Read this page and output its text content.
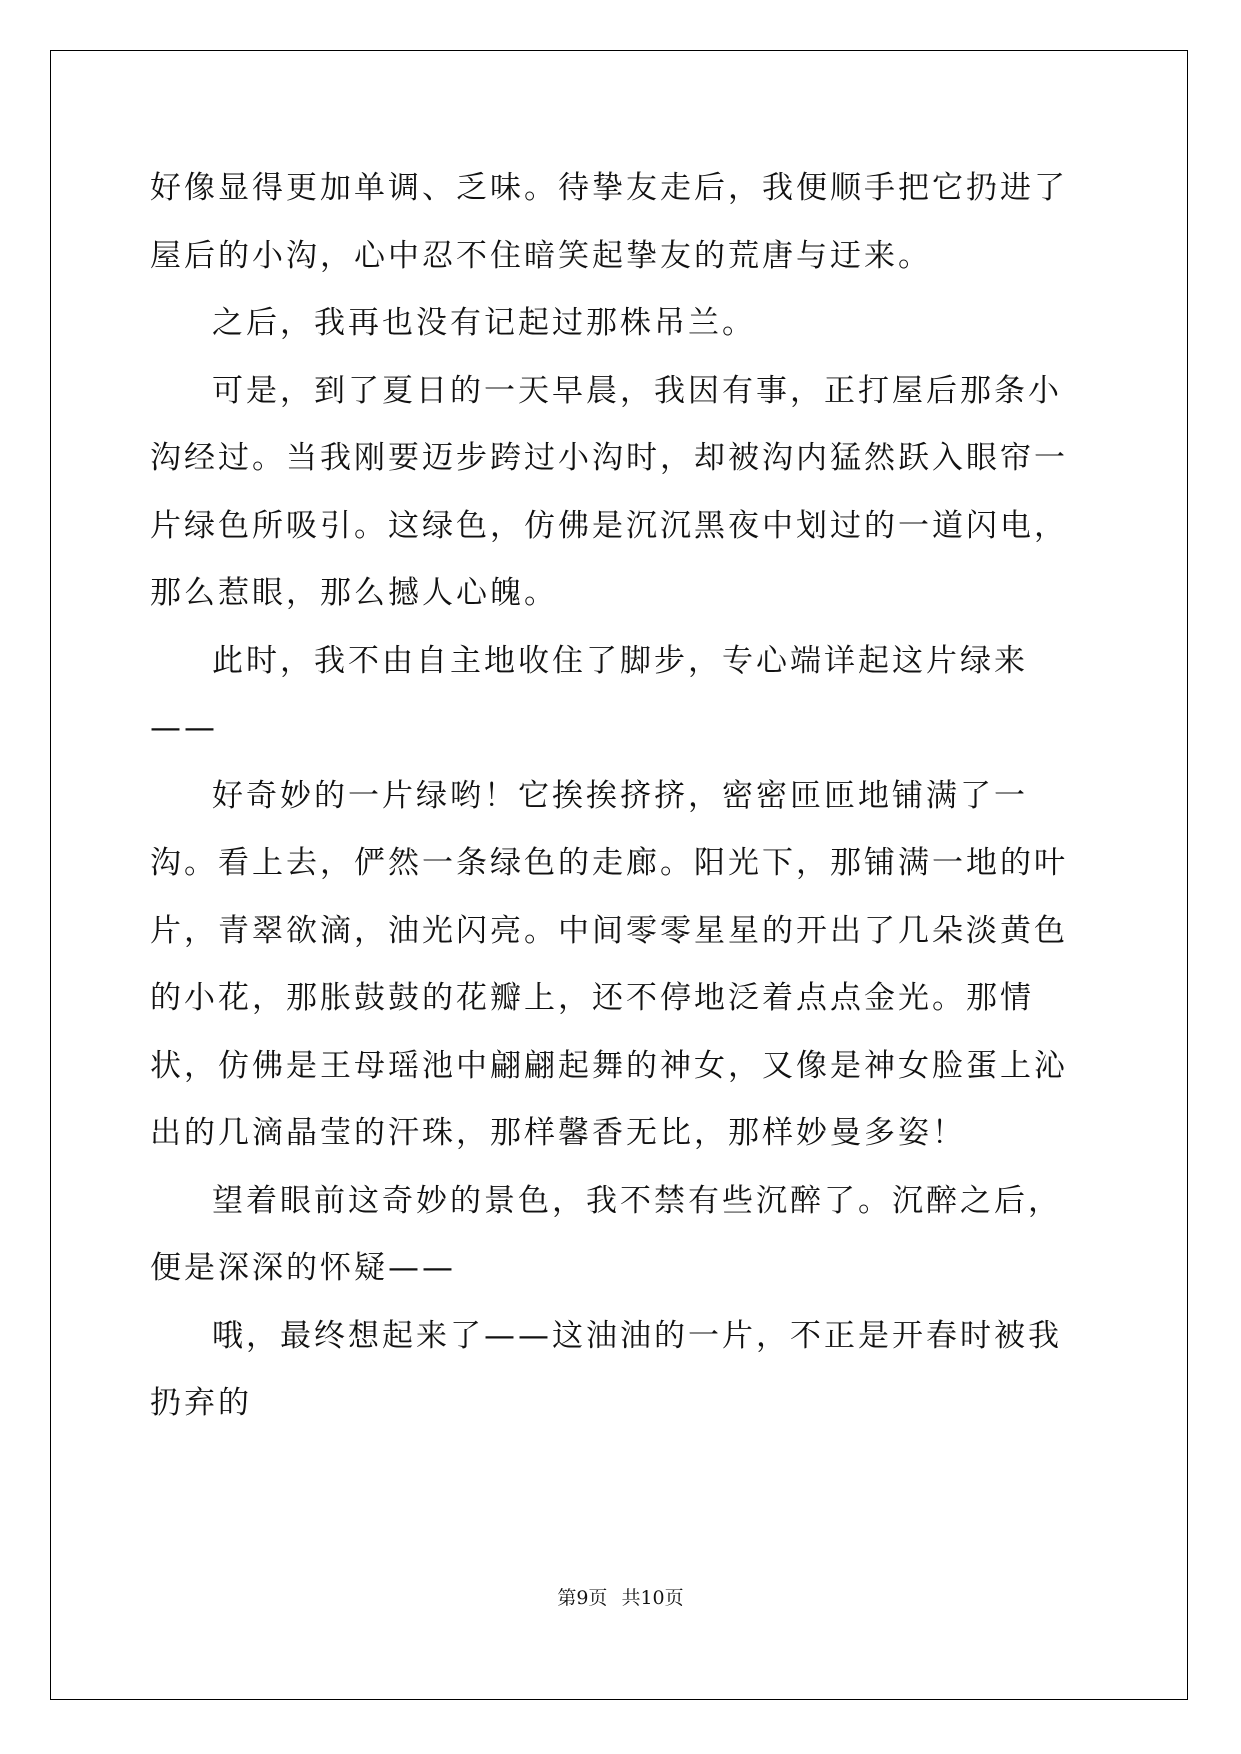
好像显得更加单调、乏味。待挚友走后，我便顺手把它扔进了屋后的小沟，心中忍不住暗笑起挚友的荒唐与迂来。

之后，我再也没有记起过那株吊兰。

可是，到了夏日的一天早晨，我因有事，正打屋后那条小沟经过。当我刚要迈步跨过小沟时，却被沟内猛然跃入眼帘一片绿色所吸引。这绿色，仿佛是沉沉黑夜中划过的一道闪电，那么惹眼，那么撼人心魄。

此时，我不由自主地收住了脚步，专心端详起这片绿来——

好奇妙的一片绿哟！它挨挨挤挤，密密匝匝地铺满了一沟。看上去，俨然一条绿色的走廊。阳光下，那铺满一地的叶片，青翠欲滴，油光闪亮。中间零零星星的开出了几朵淡黄色的小花，那胀鼓鼓的花瓣上，还不停地泛着点点金光。那情状，仿佛是王母瑶池中翩翩起舞的神女，又像是神女脸蛋上沁出的几滴晶莹的汗珠，那样馨香无比，那样妙曼多姿！

望着眼前这奇妙的景色，我不禁有些沉醉了。沉醉之后，便是深深的怀疑——

哦，最终想起来了——这油油的一片，不正是开春时被我扔弃的

第9页 共10页
